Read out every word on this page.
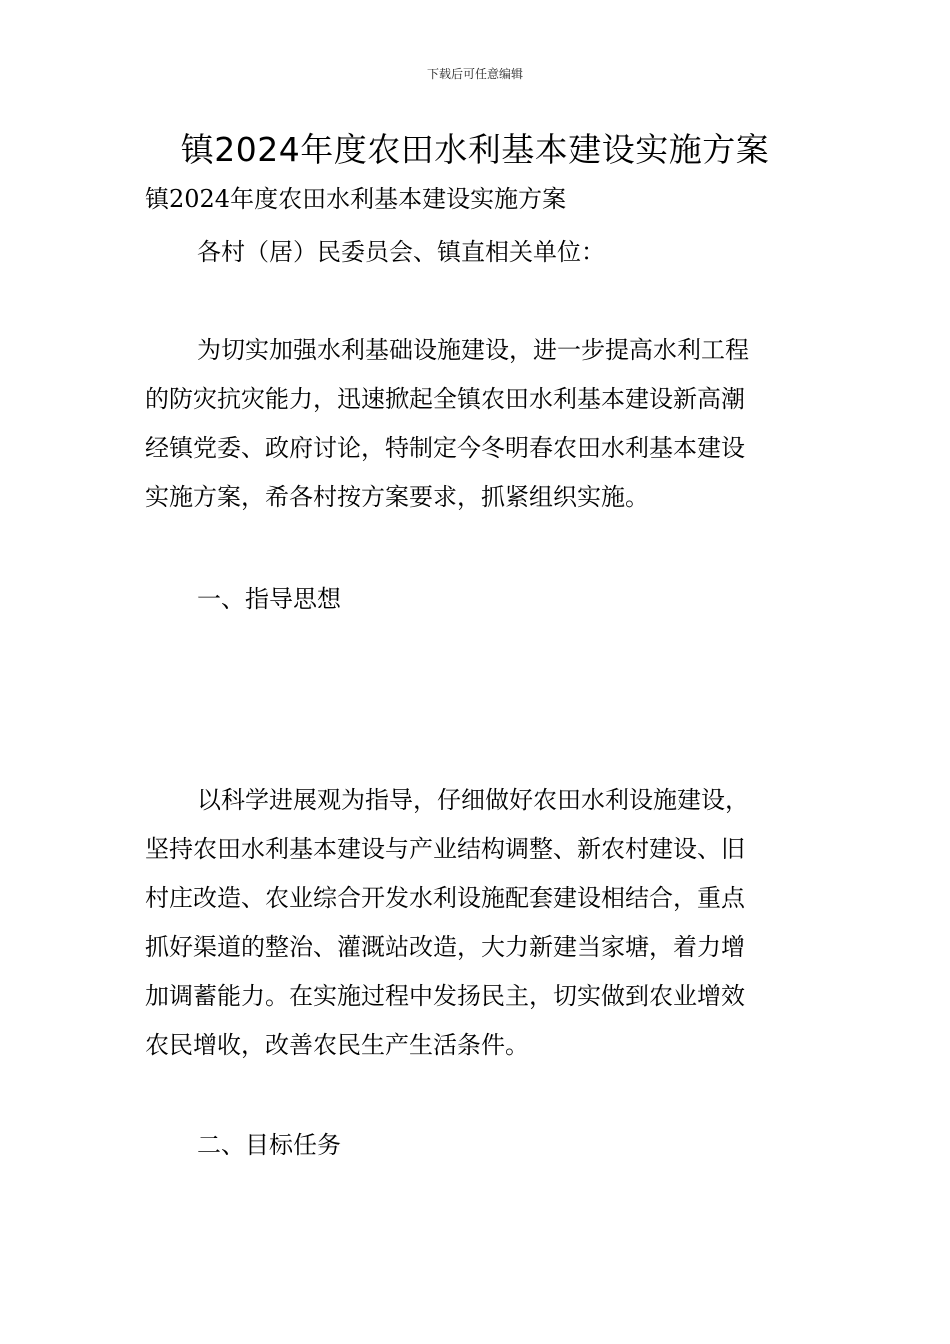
下载后可任意编辑
镇2024年度农田水利基本建设实施方案

镇2024年度农田水利基本建设实施方案

各村（居）民委员会、镇直相关单位：

为切实加强水利基础设施建设，进一步提高水利工程
的防灾抗灾能力，迅速掀起全镇农田水利基本建设新高潮
经镇党委、政府讨论，特制定今冬明春农田水利基本建设
实施方案，希各村按方案要求，抓紧组织实施。

一、指导思想

以科学进展观为指导，仔细做好农田水利设施建设，
坚持农田水利基本建设与产业结构调整、新农村建设、旧
村庄改造、农业综合开发水利设施配套建设相结合，重点
抓好渠道的整治、灌溉站改造，大力新建当家塘，着力增
加调蓄能力。在实施过程中发扬民主，切实做到农业增效
农民增收，改善农民生产生活条件。

二、目标任务
